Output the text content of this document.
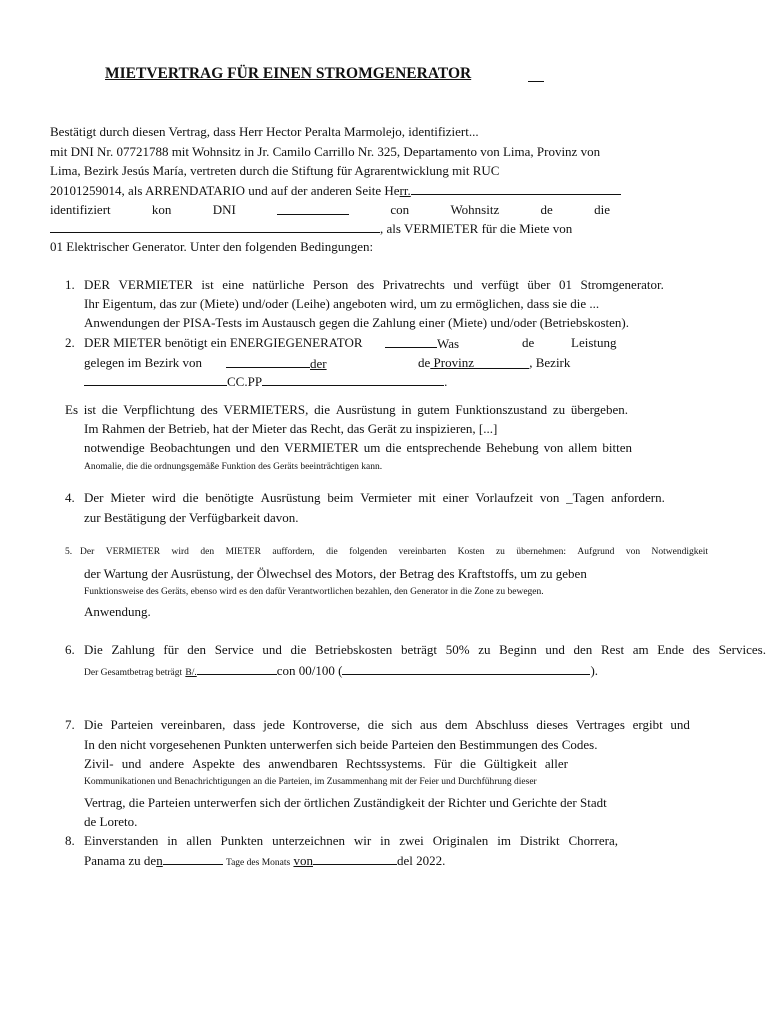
MIETVERTRAG FÜR EINEN STROMGENERATOR
Bestätigt durch diesen Vertrag, dass Herr Hector Peralta Marmolejo, identifiziert...
mit DNI Nr. 07721788 mit Wohnsitz in Jr. Camilo Carrillo Nr. 325, Departamento von Lima, Provinz von
Lima, Bezirk Jesús María, vertreten durch die Stiftung für Agrarentwicklung mit RUC
20101259014, als ARRENDATARIO und auf der anderen Seite Herr.
identifiziert	kon	DNI	con	Wohnsitz	de	die
, als VERMIETER für die Miete von
01 Elektrischer Generator. Unter den folgenden Bedingungen:
1. DER VERMIETER ist eine natürliche Person des Privatrechts und verfügt über 01 Stromgenerator.
Ihr Eigentum, das zur (Miete) und/oder (Leihe) angeboten wird, um zu ermöglichen, dass sie die ...
Anwendungen der PISA-Tests im Austausch gegen die Zahlung einer (Miete) und/oder (Betriebskosten).
2. DER MIETER benötigt ein ENERGIEGENERATOR	Was	de	Leistung
gelegen im Bezirk von	der	de Provinz	, Bezirk
CC.PP	.
Es ist die Verpflichtung des VERMIETERS, die Ausrüstung in gutem Funktionszustand zu übergeben.
Im Rahmen der Betrieb, hat der Mieter das Recht, das Gerät zu inspizieren, [...]
notwendige Beobachtungen und den VERMIETER um die entsprechende Behebung von allem bitten
Anomalie, die die ordnungsgemäße Funktion des Geräts beeinträchtigen kann.
4. Der Mieter wird die benötigte Ausrüstung beim Vermieter mit einer Vorlaufzeit von _Tagen anfordern.
zur Bestätigung der Verfügbarkeit davon.
5. Der VERMIETER wird den MIETER auffordern, die folgenden vereinbarten Kosten zu übernehmen: Aufgrund von Notwendigkeit
der Wartung der Ausrüstung, der Ölwechsel des Motors, der Betrag des Kraftstoffs, um zu geben
Funktionsweise des Geräts, ebenso wird es den dafür Verantwortlichen bezahlen, den Generator in die Zone zu bewegen.
Anwendung.
6. Die Zahlung für den Service und die Betriebskosten beträgt 50% zu Beginn und den Rest am Ende des Services.
Der Gesamtbetrag beträgt B/.	con 00/100 (	).
7. Die Parteien vereinbaren, dass jede Kontroverse, die sich aus dem Abschluss dieses Vertrages ergibt und
In den nicht vorgesehenen Punkten unterwerfen sich beide Parteien den Bestimmungen des Codes.
Zivil- und andere Aspekte des anwendbaren Rechtssystems. Für die Gültigkeit aller
Kommunikationen und Benachrichtigungen an die Parteien, im Zusammenhang mit der Feier und Durchführung dieser
Vertrag, die Parteien unterwerfen sich der örtlichen Zuständigkeit der Richter und Gerichte der Stadt
de Loreto.
8. Einverstanden in allen Punkten unterzeichnen wir in zwei Originalen im Distrikt Chorrera,
Panama zu den	Tage des Monats von	del 2022.
